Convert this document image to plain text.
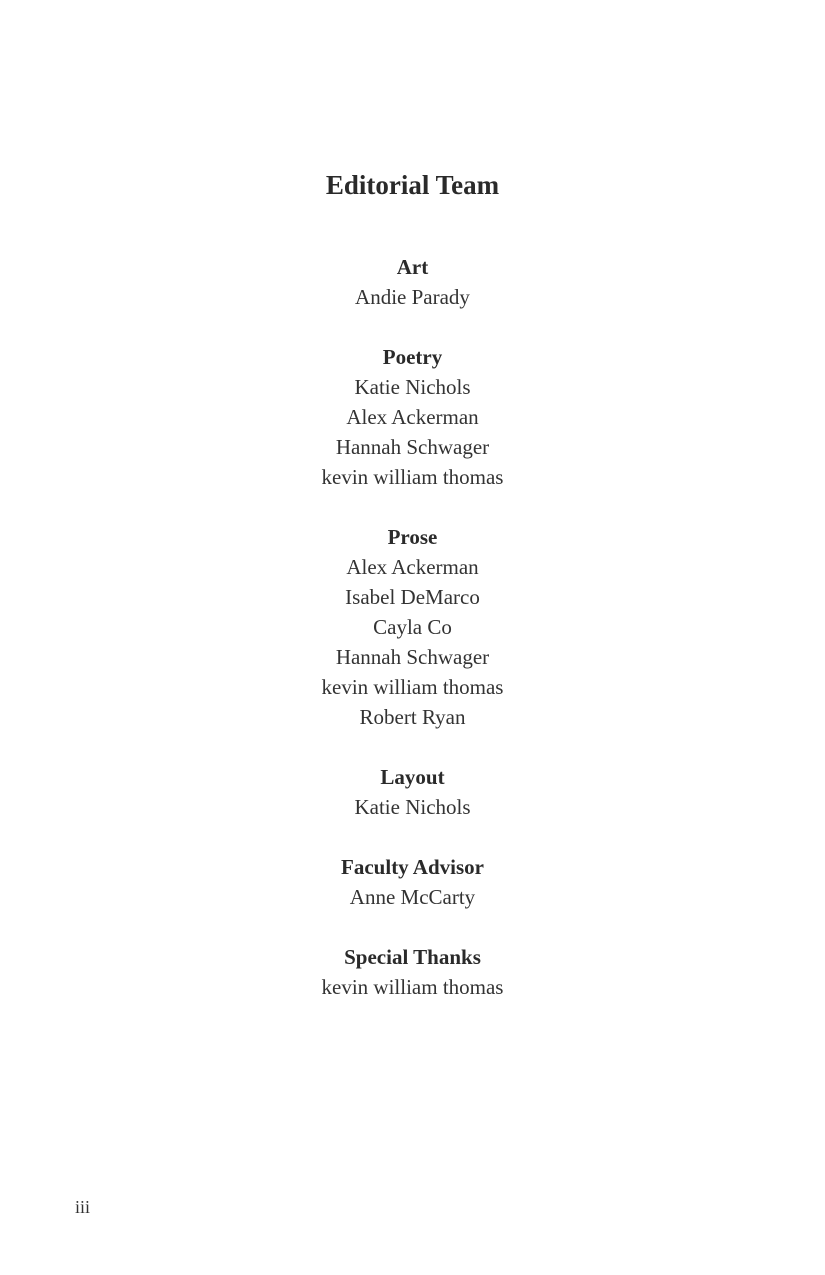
Editorial Team

Art

Andie Parady

Poetry

Katie Nichols

Alex Ackerman

Hannah Schwager

kevin william thomas

Prose

Alex Ackerman

Isabel DeMarco

Cayla Co

Hannah Schwager

kevin william thomas

Robert Ryan

Layout

Katie Nichols

Faculty Advisor

Anne McCarty

Special Thanks

kevin william thomas

iii
